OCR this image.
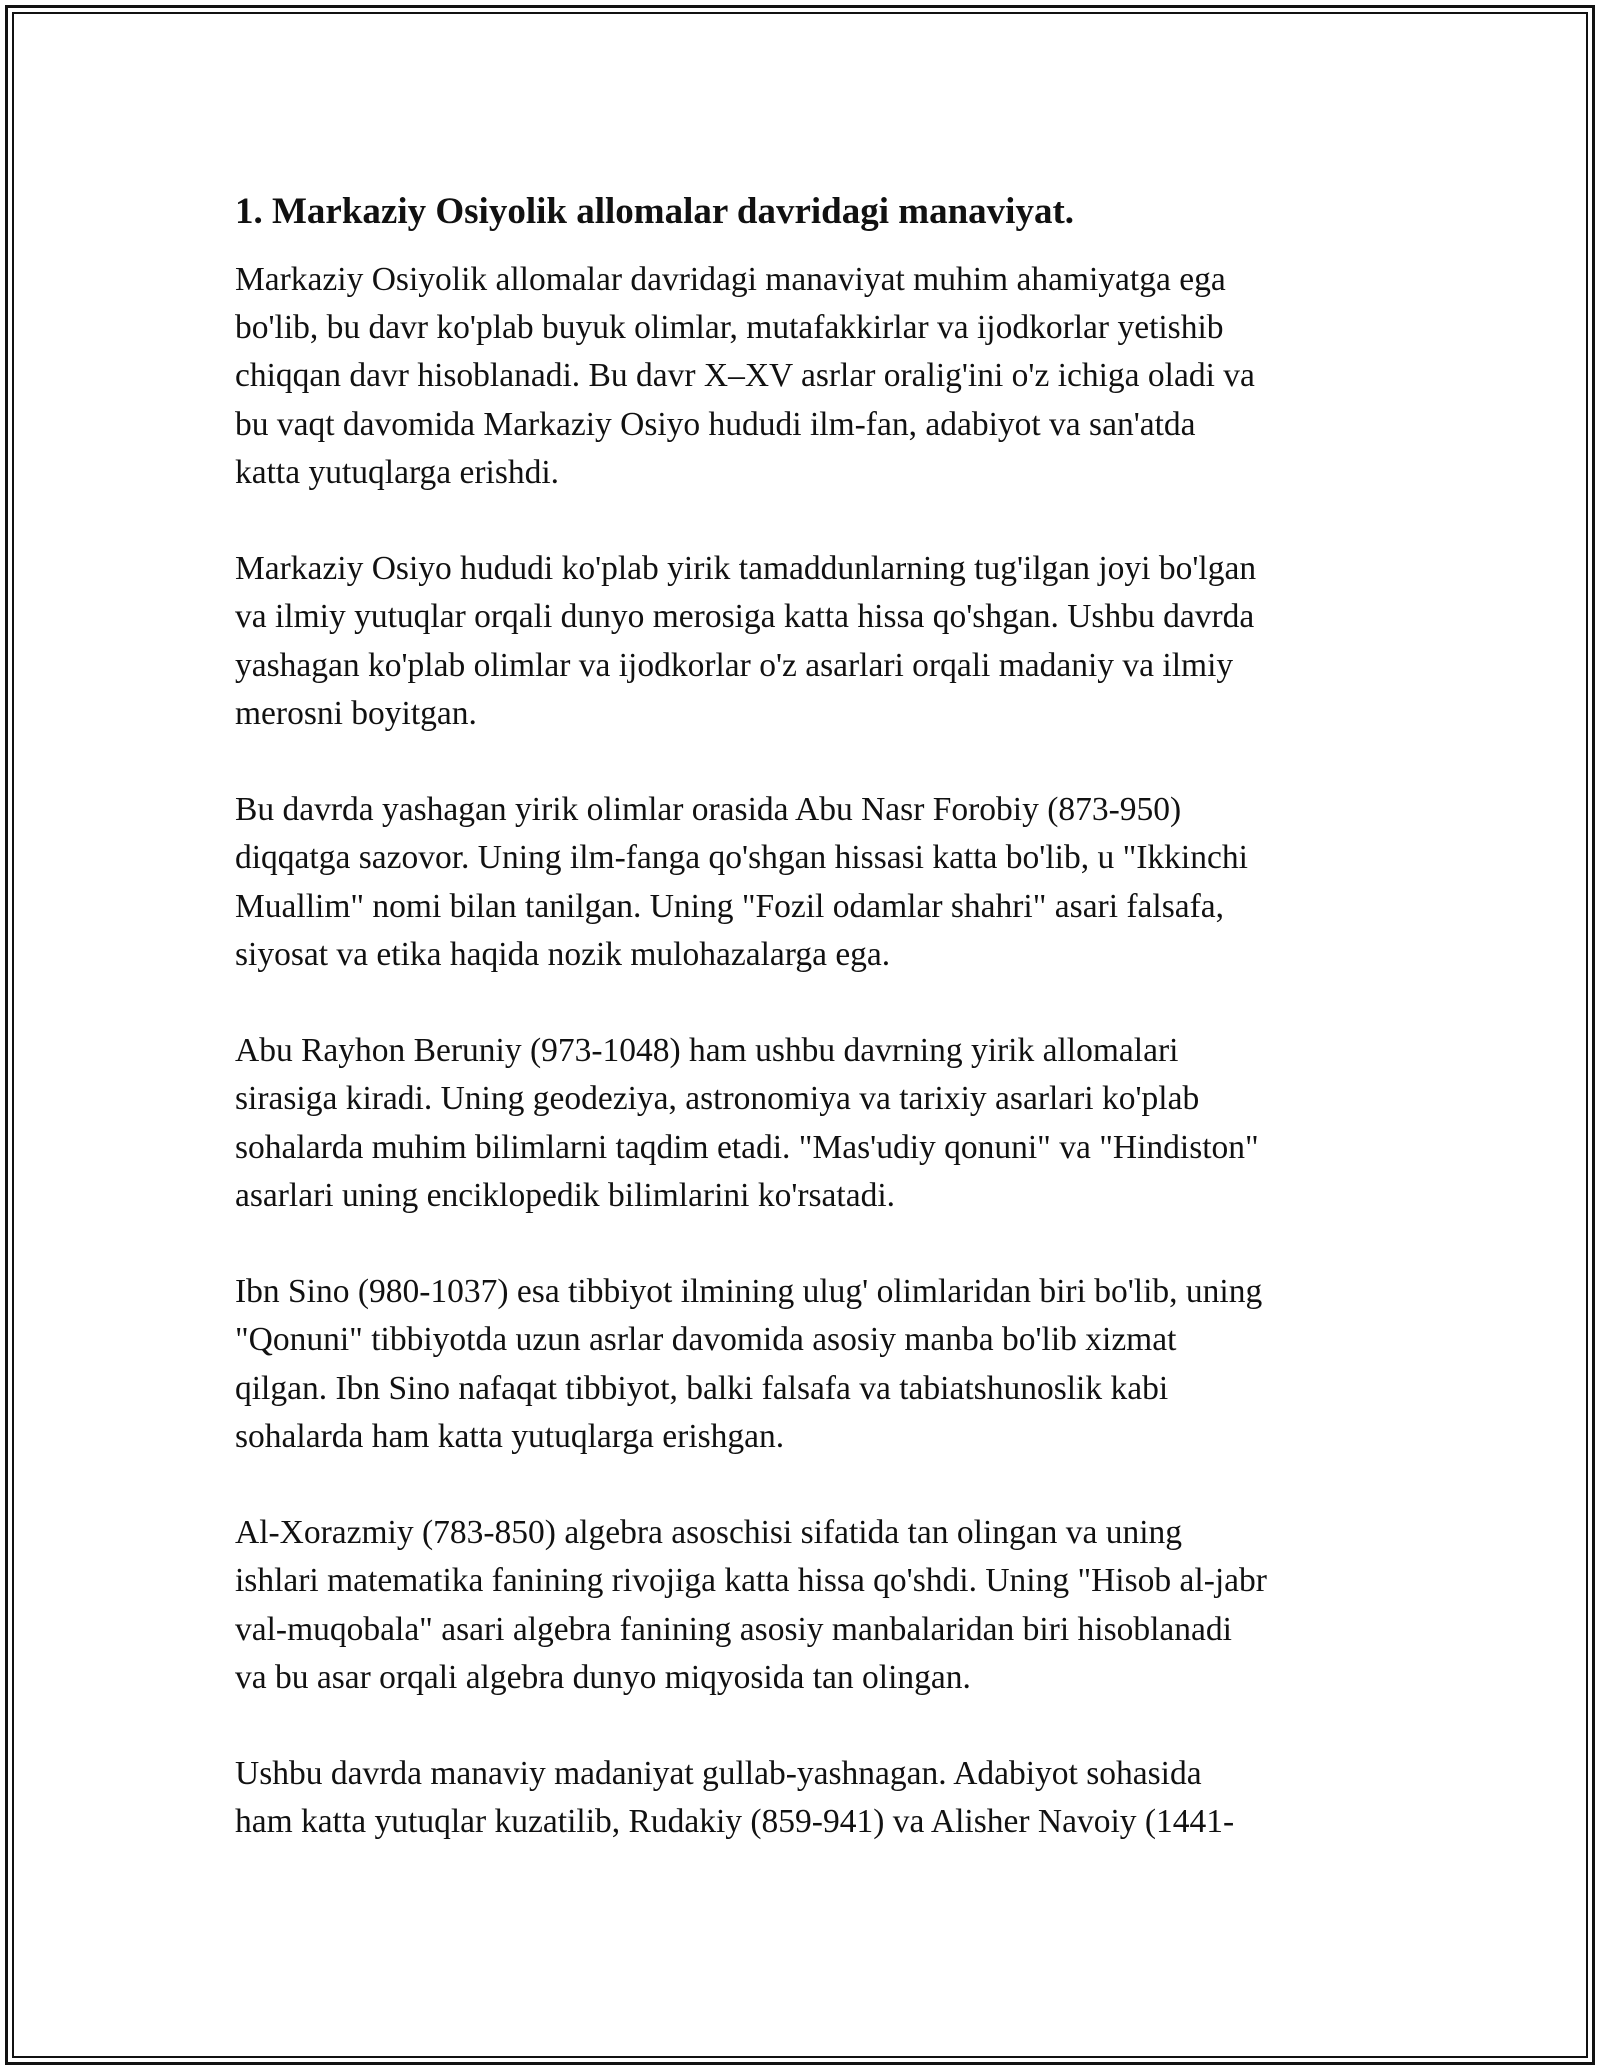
1. Markaziy Osiyolik allomalar davridagi manaviyat.

Markaziy Osiyolik allomalar davridagi manaviyat muhim ahamiyatga ega
bo'lib, bu davr ko'plab buyuk olimlar, mutafakkirlar va ijodkorlar yetishib
chiqqan davr hisoblanadi. Bu davr X–XV asrlar oralig'ini o'z ichiga oladi va
bu vaqt davomida Markaziy Osiyo hududi ilm-fan, adabiyot va san'atda
katta yutuqlarga erishdi.

Markaziy Osiyo hududi ko'plab yirik tamaddunlarning tug'ilgan joyi bo'lgan
va ilmiy yutuqlar orqali dunyo merosiga katta hissa qo'shgan. Ushbu davrda
yashagan ko'plab olimlar va ijodkorlar o'z asarlari orqali madaniy va ilmiy
merosni boyitgan.

Bu davrda yashagan yirik olimlar orasida Abu Nasr Forobiy (873-950)
diqqatga sazovor. Uning ilm-fanga qo'shgan hissasi katta bo'lib, u "Ikkinchi
Muallim" nomi bilan tanilgan. Uning "Fozil odamlar shahri" asari falsafa,
siyosat va etika haqida nozik mulohazalarga ega.

Abu Rayhon Beruniy (973-1048) ham ushbu davrning yirik allomalari
sirasiga kiradi. Uning geodeziya, astronomiya va tarixiy asarlari ko'plab
sohalarda muhim bilimlarni taqdim etadi. "Mas'udiy qonuni" va "Hindiston"
asarlari uning enciklopedik bilimlarini ko'rsatadi.

Ibn Sino (980-1037) esa tibbiyot ilmining ulug' olimlaridan biri bo'lib, uning
"Qonuni" tibbiyotda uzun asrlar davomida asosiy manba bo'lib xizmat
qilgan. Ibn Sino nafaqat tibbiyot, balki falsafa va tabiatshunoslik kabi
sohalarda ham katta yutuqlarga erishgan.

Al-Xorazmiy (783-850) algebra asoschisi sifatida tan olingan va uning
ishlari matematika fanining rivojiga katta hissa qo'shdi. Uning "Hisob al-jabr
val-muqobala" asari algebra fanining asosiy manbalaridan biri hisoblanadi
va bu asar orqali algebra dunyo miqyosida tan olingan.

Ushbu davrda manaviy madaniyat gullab-yashnagan. Adabiyot sohasida
ham katta yutuqlar kuzatilib, Rudakiy (859-941) va Alisher Navoiy (1441-
